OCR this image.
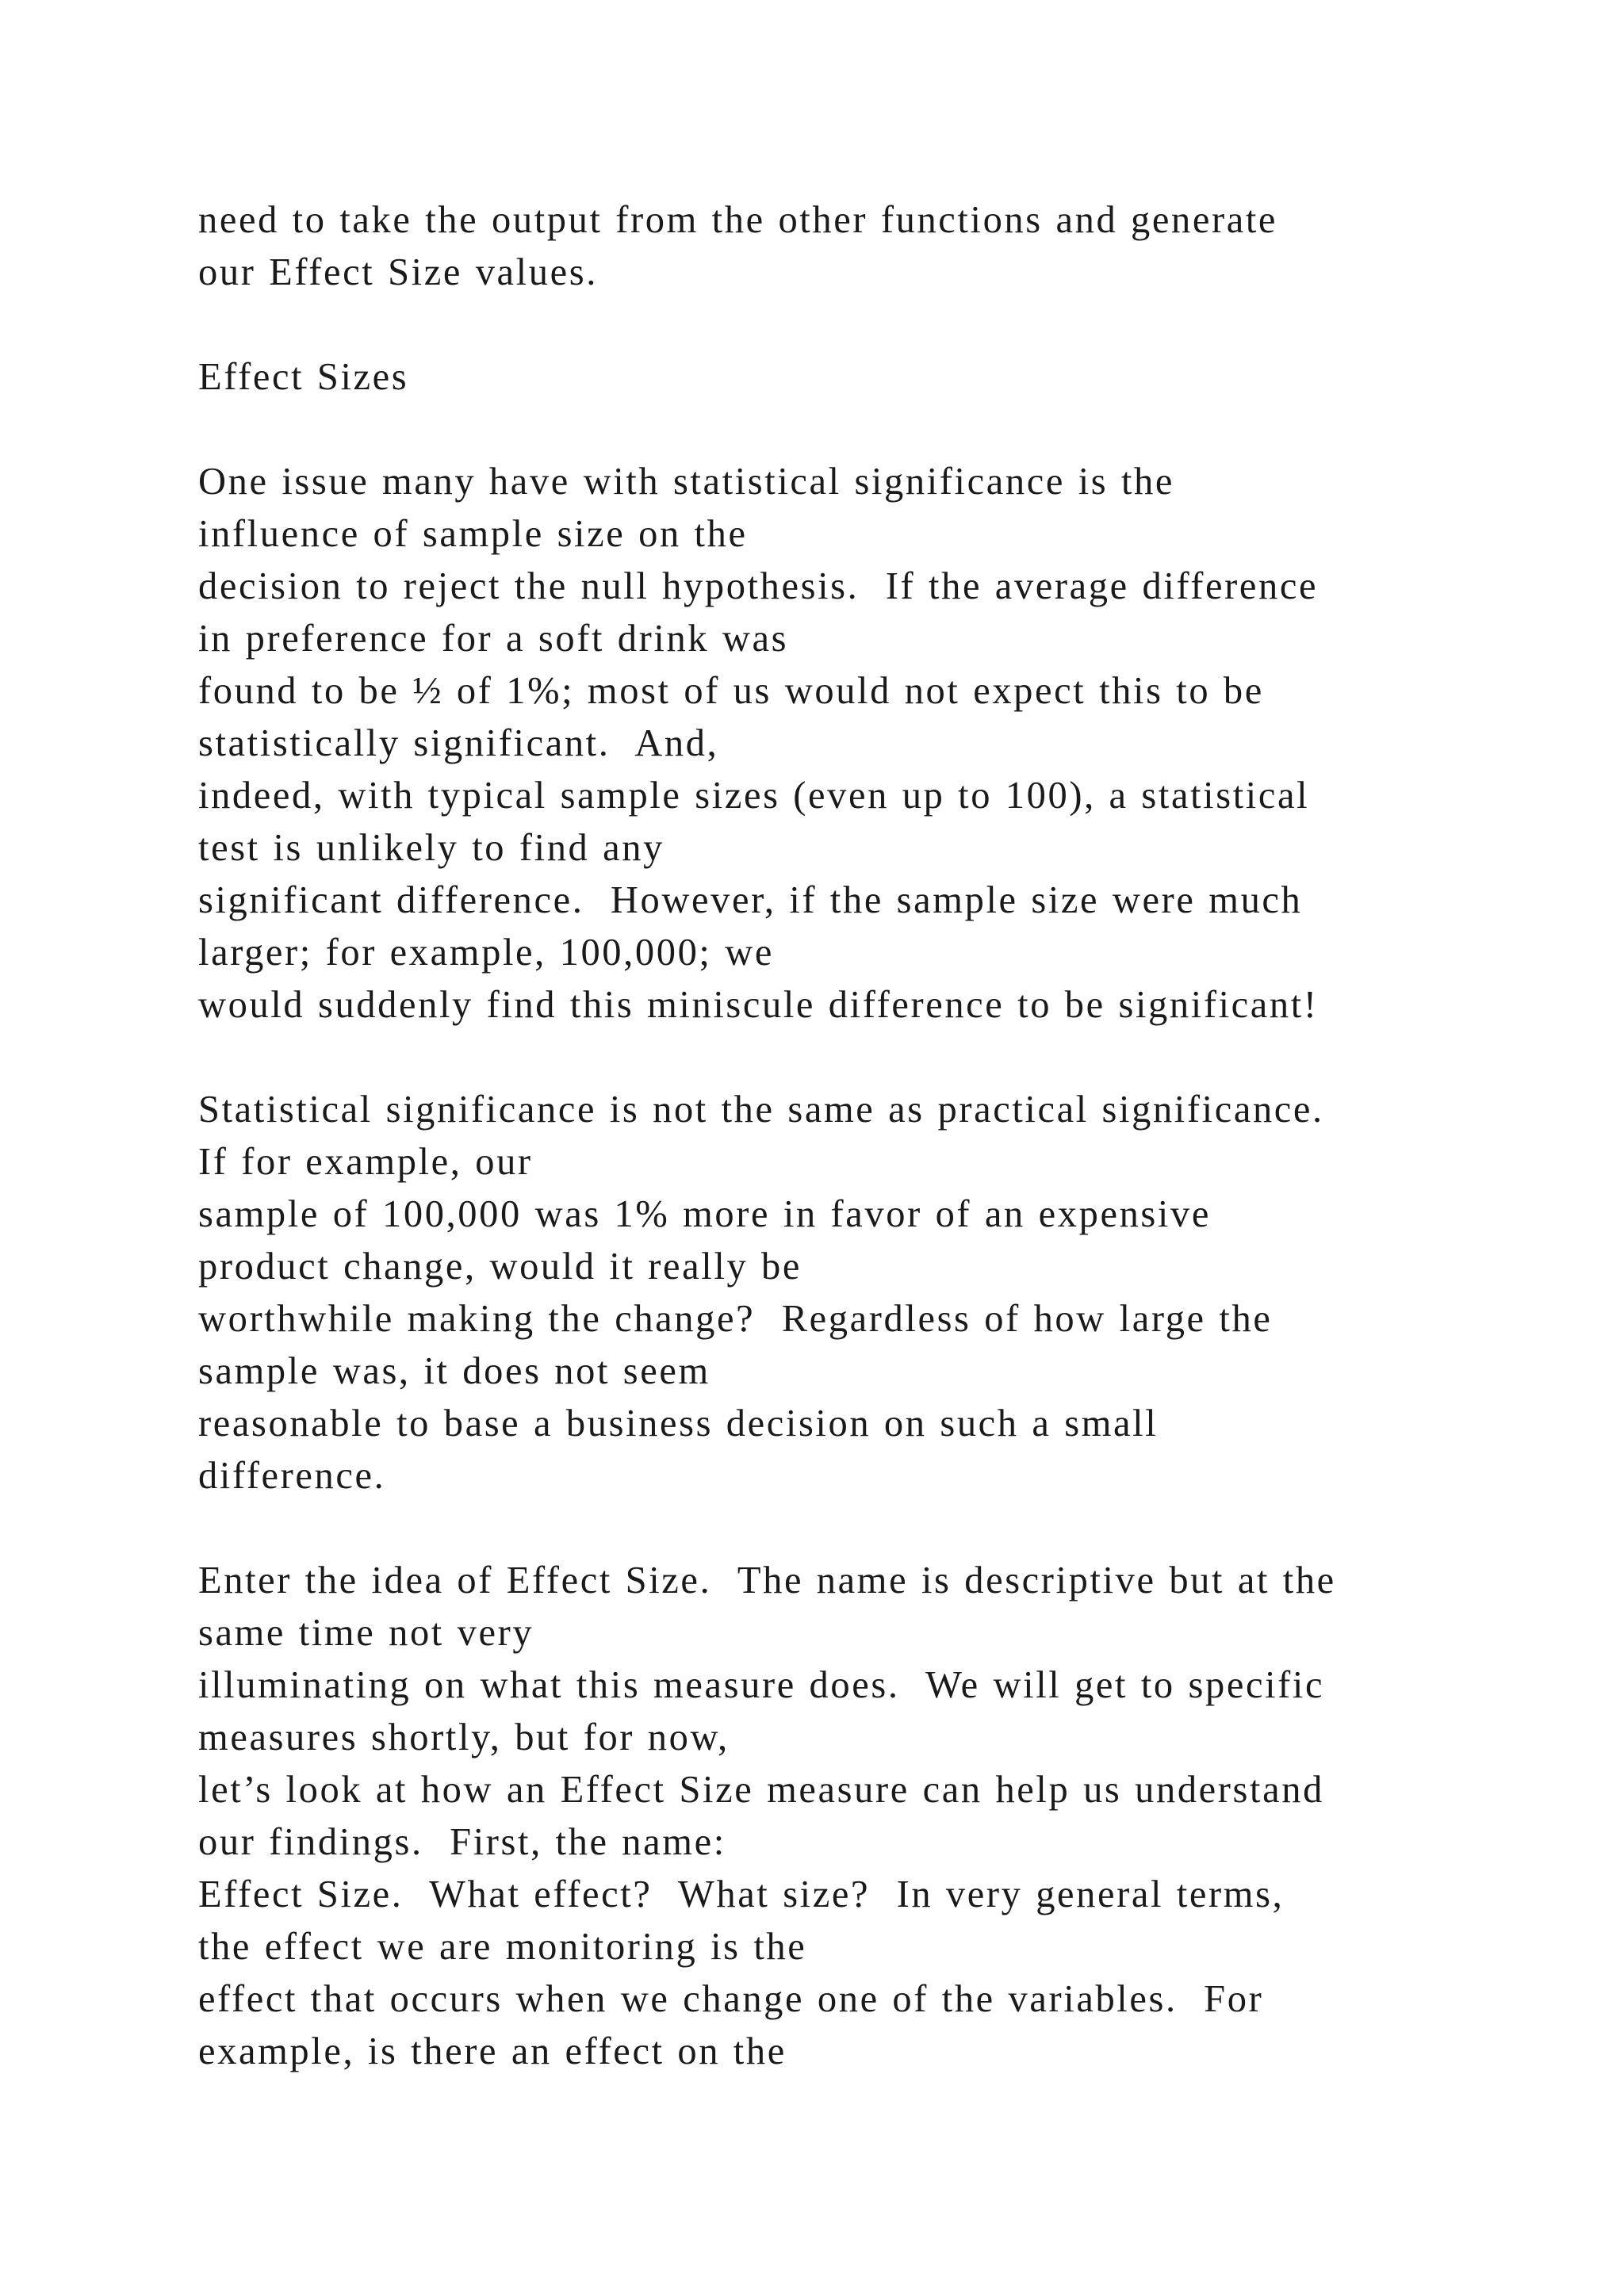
need to take the output from the other functions and generate
our Effect Size values.
Effect Sizes
One issue many have with statistical significance is the
influence of sample size on the
decision to reject the null hypothesis.  If the average difference
in preference for a soft drink was
found to be ½ of 1%; most of us would not expect this to be
statistically significant.  And,
indeed, with typical sample sizes (even up to 100), a statistical
test is unlikely to find any
significant difference.  However, if the sample size were much
larger; for example, 100,000; we
would suddenly find this miniscule difference to be significant!
Statistical significance is not the same as practical significance.
If for example, our
sample of 100,000 was 1% more in favor of an expensive
product change, would it really be
worthwhile making the change?  Regardless of how large the
sample was, it does not seem
reasonable to base a business decision on such a small
difference.
Enter the idea of Effect Size.  The name is descriptive but at the
same time not very
illuminating on what this measure does.  We will get to specific
measures shortly, but for now,
let’s look at how an Effect Size measure can help us understand
our findings.  First, the name:
Effect Size.  What effect?  What size?  In very general terms,
the effect we are monitoring is the
effect that occurs when we change one of the variables.  For
example, is there an effect on the
